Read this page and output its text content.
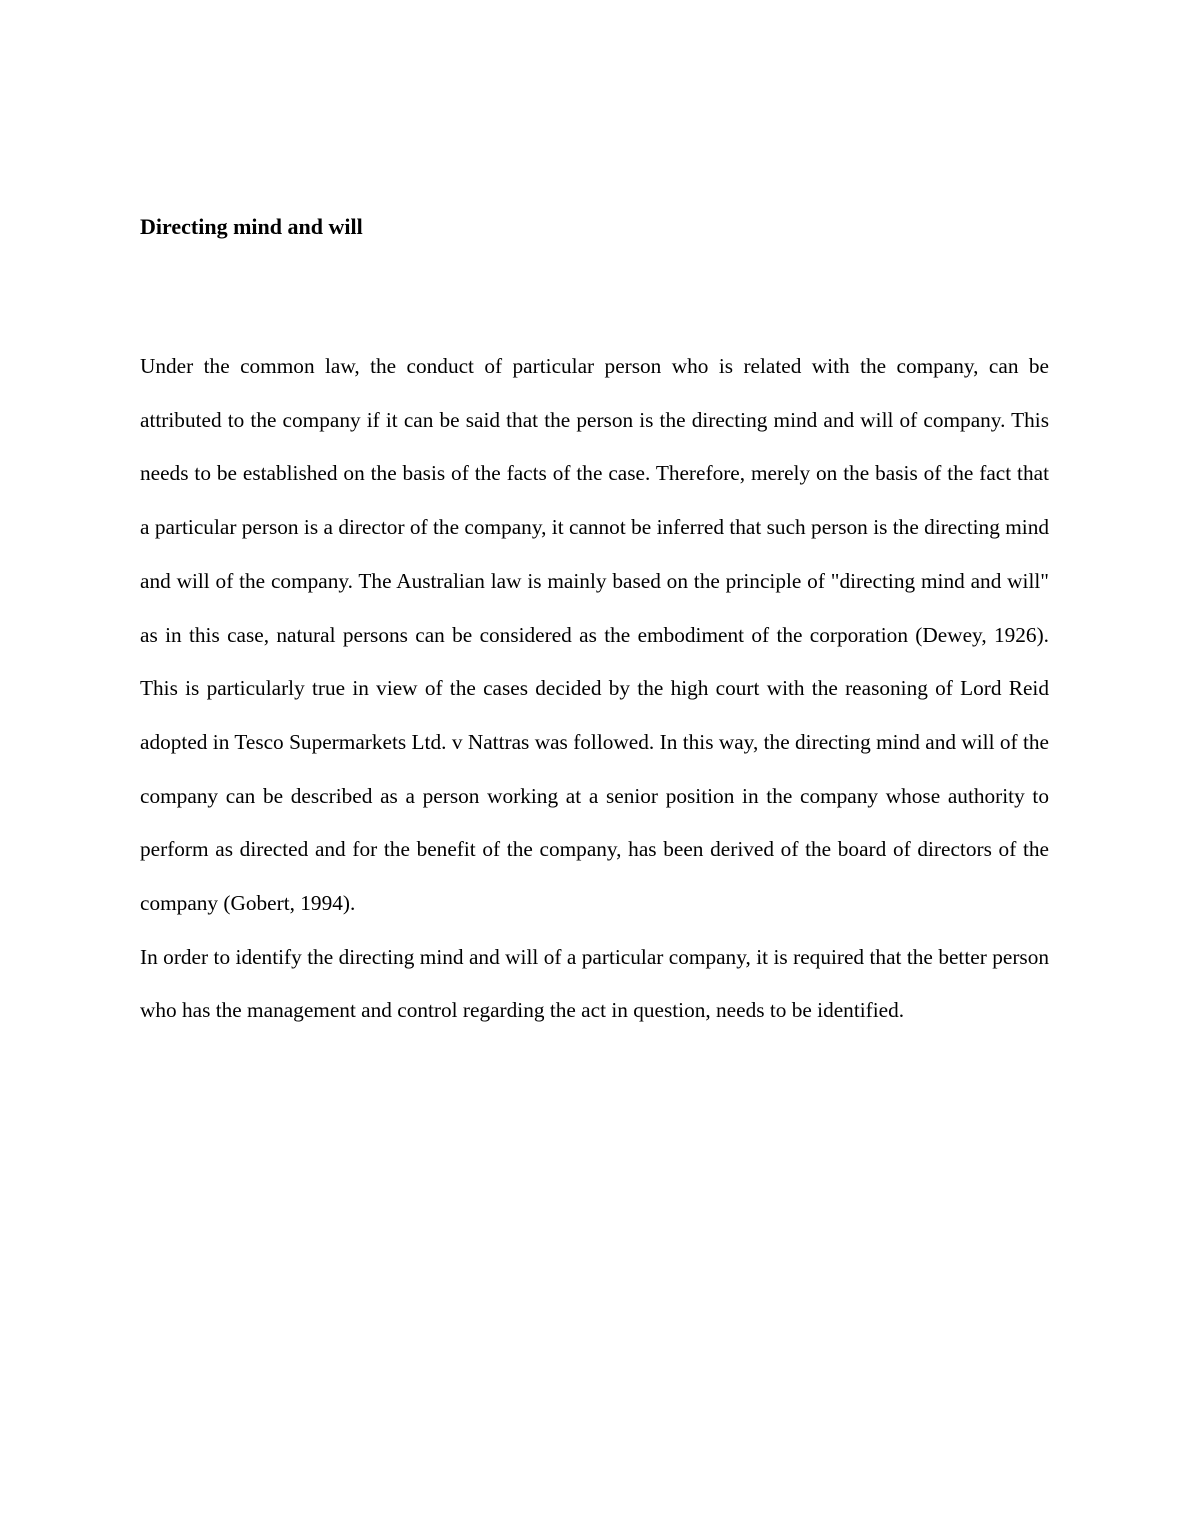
Directing mind and will

Under the common law, the conduct of particular person who is related with the company, can be attributed to the company if it can be said that the person is the directing mind and will of company. This needs to be established on the basis of the facts of the case. Therefore, merely on the basis of the fact that a particular person is a director of the company, it cannot be inferred that such person is the directing mind and will of the company. The Australian law is mainly based on the principle of "directing mind and will" as in this case, natural persons can be considered as the embodiment of the corporation (Dewey, 1926). This is particularly true in view of the cases decided by the high court with the reasoning of Lord Reid adopted in Tesco Supermarkets Ltd. v Nattras was followed. In this way, the directing mind and will of the company can be described as a person working at a senior position in the company whose authority to perform as directed and for the benefit of the company, has been derived of the board of directors of the company (Gobert, 1994).

In order to identify the directing mind and will of a particular company, it is required that the better person who has the management and control regarding the act in question, needs to be identified.
